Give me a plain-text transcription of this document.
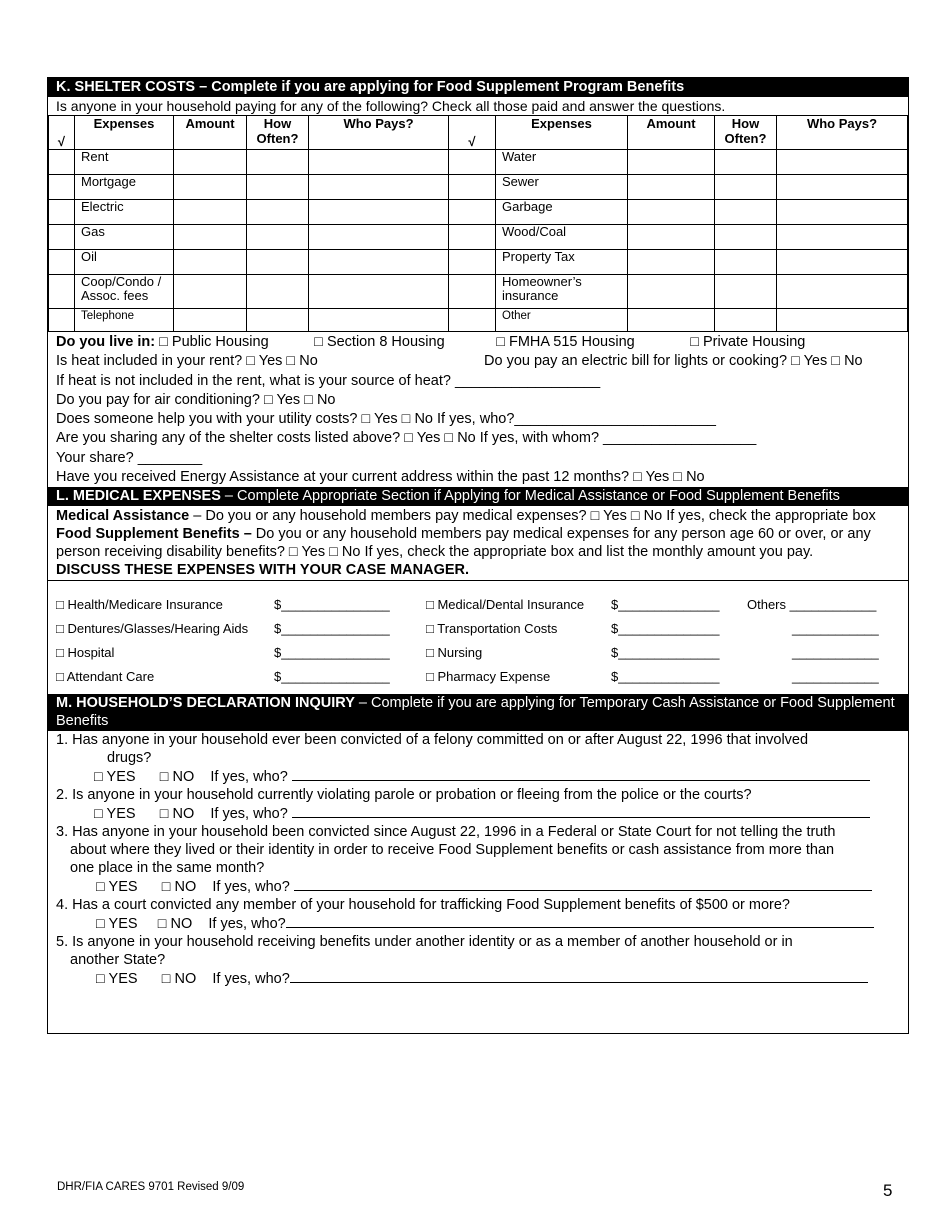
K. SHELTER COSTS – Complete if you are applying for Food Supplement Program Benefits
Is anyone in your household paying for any of the following? Check all those paid and answer the questions.
√	Expenses	Amount	How Often?	Who Pays?	√	Expenses	Amount	How Often?	Who Pays?
	Rent					Water			
	Mortgage					Sewer			
	Electric					Garbage			
	Gas					Wood/Coal			
	Oil					Property Tax			
	Coop/Condo / Assoc. fees					Homeowner’s insurance			
	Telephone					Other			
Do you live in: □ Public Housing	□ Section 8 Housing	□ FMHA 515 Housing	□ Private Housing
Is heat included in your rent? □ Yes □ No	Do you pay an electric bill for lights or cooking? □ Yes □ No
If heat is not included in the rent, what is your source of heat? __________________
Do you pay for air conditioning? □ Yes □ No
Does someone help you with your utility costs? □ Yes □ No If yes, who?_________________________
Are you sharing any of the shelter costs listed above? □ Yes □ No If yes, with whom? ___________________
Your share? ________
Have you received Energy Assistance at your current address within the past 12 months? □ Yes □ No
L. MEDICAL EXPENSES – Complete Appropriate Section if Applying for Medical Assistance or Food Supplement Benefits
Medical Assistance – Do you or any household members pay medical expenses? □ Yes □ No If yes, check the appropriate box
Food Supplement Benefits – Do you or any household members pay medical expenses for any person age 60 or over, or any person receiving disability benefits? □ Yes □ No If yes, check the appropriate box and list the monthly amount you pay.
DISCUSS THESE EXPENSES WITH YOUR CASE MANAGER.
□ Health/Medicare Insurance	$_______________	□ Medical/Dental Insurance	$______________	Others ____________
□ Dentures/Glasses/Hearing Aids	$_______________	□ Transportation Costs	$______________	____________
□ Hospital	$_______________	□ Nursing	$______________	____________
□ Attendant Care	$_______________	□ Pharmacy Expense	$______________	____________
M. HOUSEHOLD’S DECLARATION INQUIRY – Complete if you are applying for Temporary Cash Assistance or Food Supplement Benefits
1. Has anyone in your household ever been convicted of a felony committed on or after August 22, 1996 that involved
drugs?
□ YES □ NO If yes, who?
2. Is anyone in your household currently violating parole or probation or fleeing from the police or the courts?
□ YES □ NO If yes, who?
3. Has anyone in your household been convicted since August 22, 1996 in a Federal or State Court for not telling the truth
about where they lived or their identity in order to receive Food Supplement benefits or cash assistance from more than
one place in the same month?
□ YES □ NO If yes, who?
4. Has a court convicted any member of your household for trafficking Food Supplement benefits of $500 or more?
□ YES □ NO If yes, who?
5. Is anyone in your household receiving benefits under another identity or as a member of another household or in
another State?
□ YES □ NO If yes, who?
DHR/FIA CARES 9701 Revised 9/09	5
